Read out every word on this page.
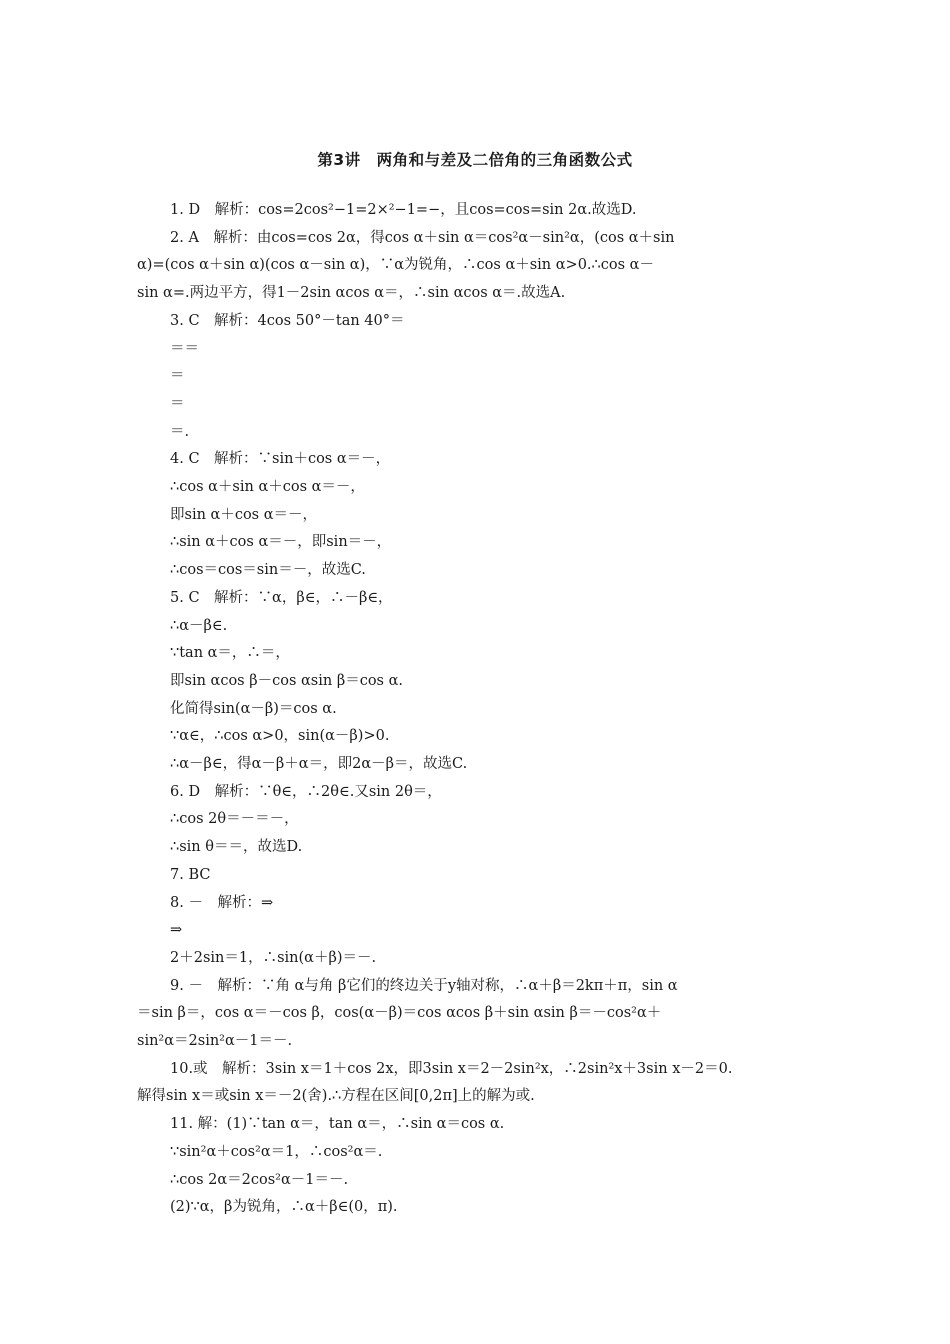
第3讲　两角和与差及二倍角的三角函数公式
1. D　解析：cos=2cos²−1=2×²−1=−，且cos=cos=sin 2α.故选D.
2. A　解析：由cos=cos 2α，得cos α＋sin α＝cos²α－sin²α，(cos α＋sin
α)=(cos α＋sin α)(cos α－sin α)，∵α为锐角，∴cos α＋sin α>0.∴cos α－
sin α=.两边平方，得1－2sin αcos α＝，∴sin αcos α＝.故选A.
3. C　解析：4cos 50°－tan 40°＝
＝＝
＝
＝
＝.
4. C　解析：∵sin＋cos α＝－，
∴cos α＋sin α＋cos α＝－，
即sin α＋cos α＝－，
∴sin α＋cos α＝－，即sin＝－，
∴cos＝cos＝sin＝－，故选C.
5. C　解析：∵α，β∈，∴－β∈，
∴α－β∈.
∵tan α＝，∴＝，
即sin αcos β－cos αsin β＝cos α.
化简得sin(α－β)＝cos α.
∵α∈，∴cos α>0，sin(α－β)>0.
∴α－β∈，得α－β＋α＝，即2α－β＝，故选C.
6. D　解析：∵θ∈，∴2θ∈.又sin 2θ＝，
∴cos 2θ＝－＝－，
∴sin θ＝＝，故选D.
7. BC
8. －　解析：⇒
⇒
2＋2sin＝1，∴sin(α＋β)＝－.
9. －　解析：∵角 α与角 β它们的终边关于y轴对称，∴α＋β＝2kπ＋π，sin α
＝sin β＝，cos α＝－cos β，cos(α－β)＝cos αcos β＋sin αsin β＝－cos²α＋
sin²α＝2sin²α－1＝－.
10.或　解析：3sin x＝1＋cos 2x，即3sin x＝2－2sin²x，∴2sin²x＋3sin x－2＝0.
解得sin x＝或sin x＝－2(舍).∴方程在区间[0,2π]上的解为或.
11. 解：(1)∵tan α＝，tan α＝，∴sin α＝cos α.
∵sin²α＋cos²α＝1，∴cos²α＝.
∴cos 2α＝2cos²α－1＝－.
(2)∵α，β为锐角，∴α＋β∈(0，π).
